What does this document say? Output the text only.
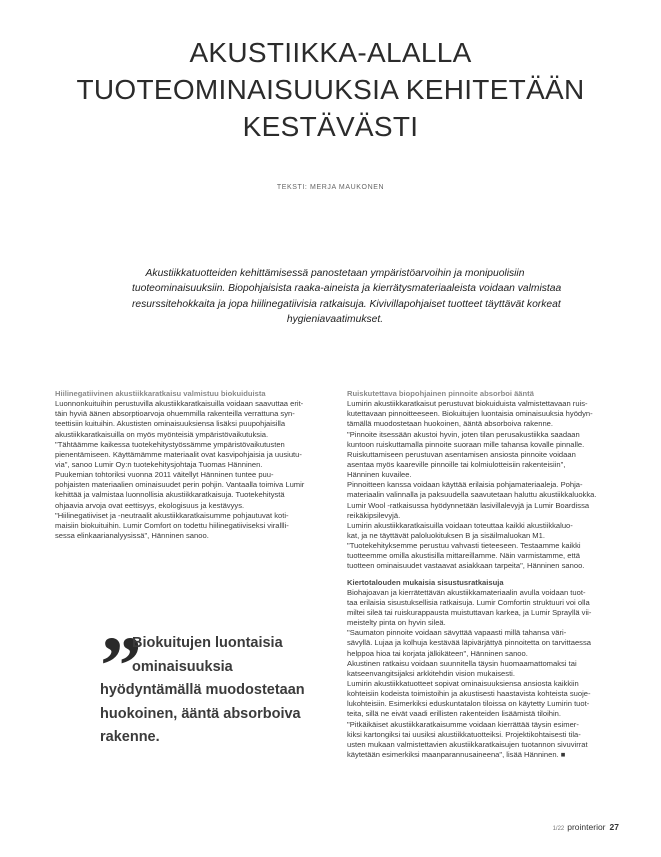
AKUSTIIKKA-ALALLA
TUOTEOMINAISUUKSIA KEHITETÄÄN
KESTÄVÄSTI
TEKSTI: MERJA MAUKONEN
Akustiikkatuotteiden kehittämisessä panostetaan ympäristöarvoihin ja monipuolisiin
tuoteominaisuuksiin. Biopohjaisista raaka-aineista ja kierrätysmateriaaleista voidaan valmistaa
resurssitehokkaita ja jopa hiilinegatiivisia ratkaisuja. Kivivillapohjaiset tuotteet täyttävät korkeat
hygieniavaatimukset.
Hiilinegatiivinen akustiikkaratkaisu valmistuu biokuiduista
Luonnonkuituihin perustuvilla akustiikkaratkaisuilla voidaan saavuttaa erit-
täin hyviä äänen absorptioarvoja ohuemmilla rakenteilla verrattuna syn-
teettisiin kuituihin. Akustisten ominaisuuksiensa lisäksi puupohjaisilla
akustiikkaratkaisuilla on myös myönteisiä ympäristövaikutuksia.
"Tähtäämme kaikessa tuotekehitystyössämme ympäristövaikutusten
pienentämiseen. Käyttämämme materiaalit ovat kasvipohjaisia ja uusiutu-
via", sanoo Lumir Oy:n tuotekehitysjohtaja Tuomas Hänninen.
Puukemian tohtoriksi vuonna 2011 väitellyt Hänninen tuntee puu-
pohjaisten materiaalien ominaisuudet perin pohjin. Vantaalla toimiva Lumir
kehittää ja valmistaa luonnollisia akustiikkaratkaisuja. Tuotekehitystä
ohjaavia arvoja ovat eettisyys, ekologisuus ja kestävyys.
"Hiilinegatiiviset ja -neutraalit akustiikkaratkaisumme pohjautuvat koti-
maisiin biokuituihin. Lumir Comfort on todettu hiilinegatiiviseksi virallli-
sessa elinkaarianalyysissä", Hänninen sanoo.
Ruiskutettava biopohjainen pinnoite absorboi ääntä
Lumirin akustiikkaratkaisut perustuvat biokuiduista valmistettavaan ruis-
kutettavaan pinnoitteeseen. Biokuitujen luontaisia ominaisuuksia hyödyn-
tämällä muodostetaan huokoinen, ääntä absorboiva rakenne.
"Pinnoite itsessään akustoi hyvin, joten tilan perusakustiikka saadaan
kuntoon ruiskuttamalla pinnoite suoraan mille tahansa kovalle pinnalle.
Ruiskuttamiseen perustuvan asentamisen ansiosta pinnoite voidaan
asentaa myös kaareville pinnoille tai kolmiulotteisiin rakenteisiin",
Hänninen kuvailee.
Pinnoitteen kanssa voidaan käyttää erilaisia pohjamateriaaleja. Pohja-
materiaalin valinnalla ja paksuudella saavutetaan haluttu akustiikkaluokka.
Lumir Wool -ratkaisussa hyödynnetään lasivillalevyjä ja Lumir Boardissa
reikäkipsilevyjä.
Lumirin akustiikkaratkaisuilla voidaan toteuttaa kaikki akustiikkaluo-
kat, ja ne täyttävät paloluokituksen B ja sisäilmaluokan M1.
"Tuotekehityksemme perustuu vahvasti tieteeseen. Testaamme kaikki
tuotteemme omilla akustisilla mittareillamme. Näin varmistamme, että
tuotteen ominaisuudet vastaavat asiakkaan tarpeita", Hänninen sanoo.
Kiertotalouden mukaisia sisustusratkaisuja
Biohajoavan ja kierrätettävän akustiikkamateriaalin avulla voidaan tuot-
taa erilaisia sisustuksellisia ratkaisuja. Lumir Comfortin struktuuri voi olla
miltei sileä tai ruiskurappausta muistuttavan karkea, ja Lumir Sprayllä vii-
meistelty pinta on hyvin sileä.
"Saumaton pinnoite voidaan sävyttää vapaasti millä tahansa väri-
sävyllä. Lujaa ja kolhuja kestävää läpivärjättyä pinnoitetta on tarvittaessa
helppoa hioa tai korjata jälkikäteen", Hänninen sanoo.
Akustinen ratkaisu voidaan suunnitella täysin huomaamattomaksi tai
katseenvangitsijaksi arkkitehdin vision mukaisesti.
Lumirin akustiikkatuotteet sopivat ominaisuuksiensa ansiosta kaikkiin
kohteisiin kodeista toimistoihin ja akustisesti haastavista kohteista suoje-
lukohteisiin. Esimerkiksi eduskuntatalon tiloissa on käytetty Lumirin tuot-
teita, sillä ne eivät vaadi erillisten rakenteiden lisäämistä tiloihin.
"Pitkäikäiset akustiikkaratkaisumme voidaan kierrättää täysin esimer-
kiksi kartongiksi tai uusiksi akustiikkatuotteiksi. Projektikohtaisesti tila-
usten mukaan valmistettavien akustiikkaratkaisujen tuotannon sivuvirrat
käytetään esimerkiksi maanparannusaineena", lisää Hänninen. ■
”
Biokuitujen luontaisia
ominaisuuksia
hyödyntämällä muodostetaan
huokoinen, ääntä absorboiva
rakenne.
1/22 prointerior 27
